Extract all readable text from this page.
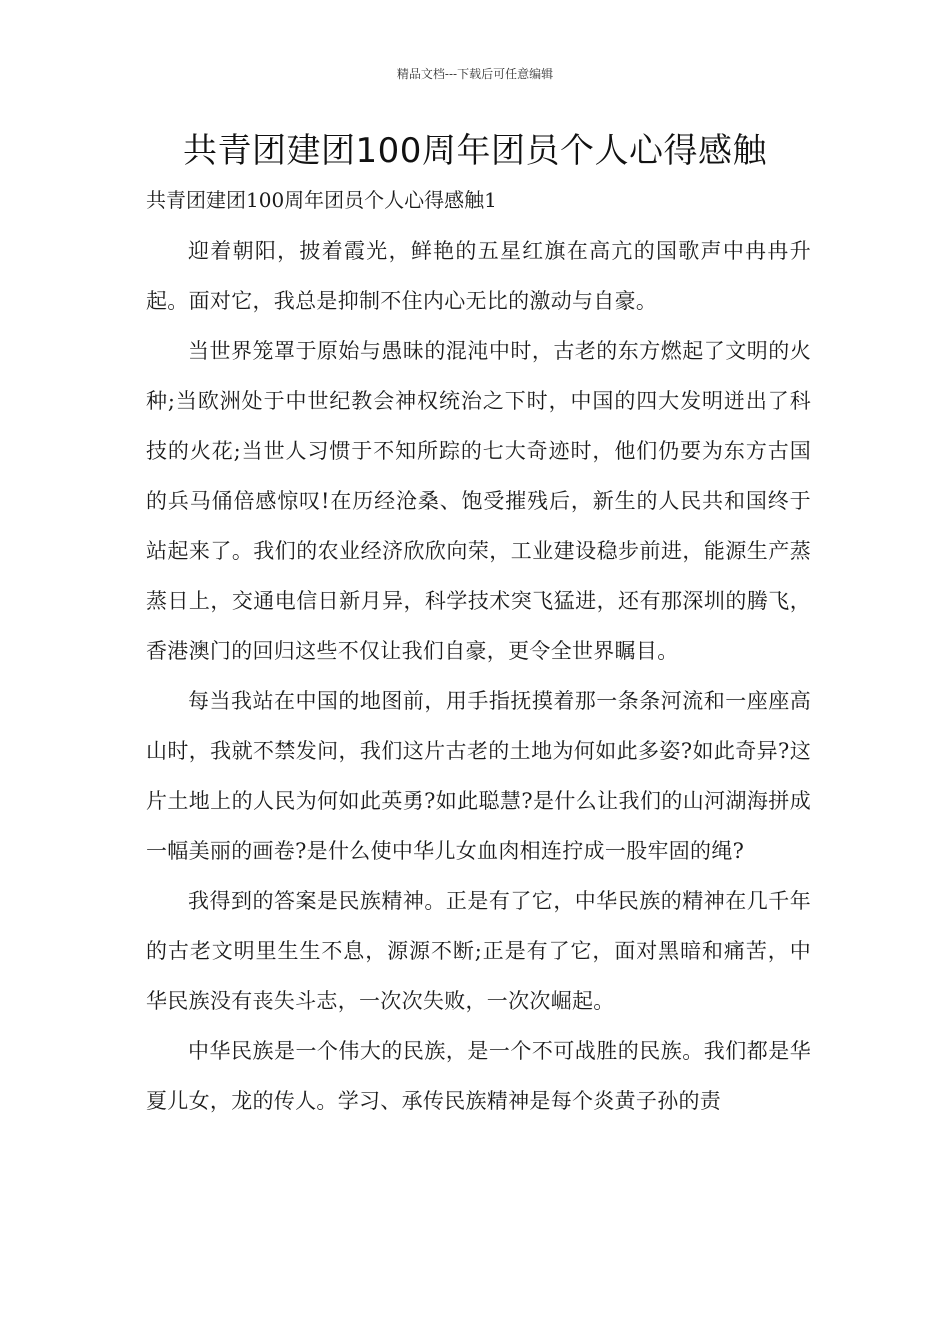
精品文档---下载后可任意编辑
共青团建团100周年团员个人心得感触
共青团建团100周年团员个人心得感触1

迎着朝阳，披着霞光，鲜艳的五星红旗在高亢的国歌声中冉冉升起。面对它，我总是抑制不住内心无比的激动与自豪。

当世界笼罩于原始与愚昧的混沌中时，古老的东方燃起了文明的火种;当欧洲处于中世纪教会神权统治之下时，中国的四大发明迸出了科技的火花;当世人习惯于不知所踪的七大奇迹时，他们仍要为东方古国的兵马俑倍感惊叹!在历经沧桑、饱受摧残后，新生的人民共和国终于站起来了。我们的农业经济欣欣向荣，工业建设稳步前进，能源生产蒸蒸日上，交通电信日新月异，科学技术突飞猛进，还有那深圳的腾飞，香港澳门的回归这些不仅让我们自豪，更令全世界瞩目。

每当我站在中国的地图前，用手指抚摸着那一条条河流和一座座高山时，我就不禁发问，我们这片古老的土地为何如此多姿?如此奇异?这片土地上的人民为何如此英勇?如此聪慧?是什么让我们的山河湖海拼成一幅美丽的画卷?是什么使中华儿女血肉相连拧成一股牢固的绳?

我得到的答案是民族精神。正是有了它，中华民族的精神在几千年的古老文明里生生不息，源源不断;正是有了它，面对黑暗和痛苦，中华民族没有丧失斗志，一次次失败，一次次崛起。

中华民族是一个伟大的民族，是一个不可战胜的民族。我们都是华夏儿女，龙的传人。学习、承传民族精神是每个炎黄子孙的责
